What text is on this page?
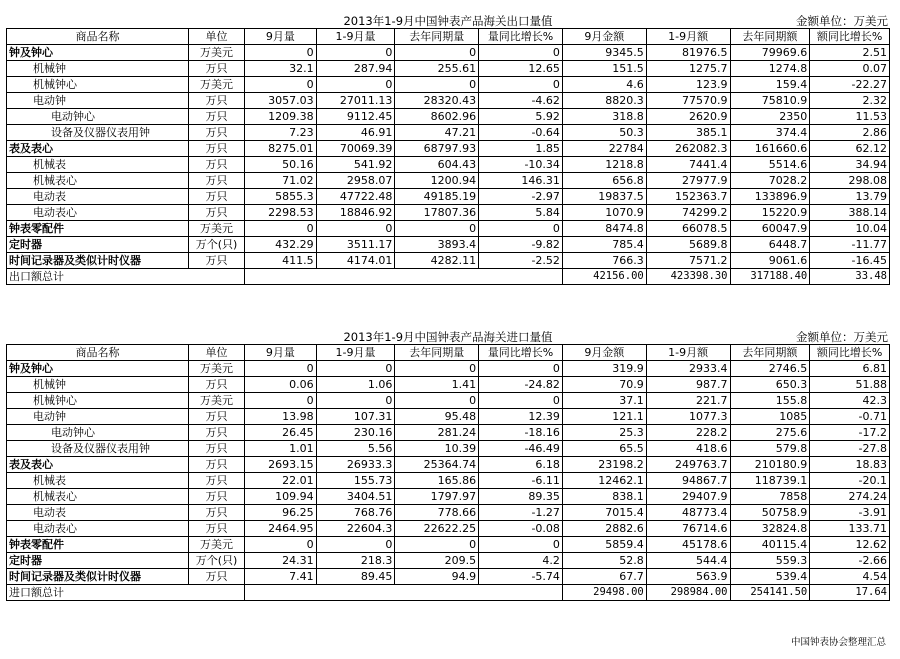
2013年1-9月中国钟表产品海关出口量值	金额单位：万美元
商品名称	单位	9月量	1-9月量	去年同期量	量同比增长%	9月金额	1-9月额	去年同期额	额同比增长%
钟及钟心	万美元	0	0	0	0	9345.5	81976.5	79969.6	2.51
机械钟	万只	32.1	287.94	255.61	12.65	151.5	1275.7	1274.8	0.07
机械钟心	万美元	0	0	0	0	4.6	123.9	159.4	-22.27
电动钟	万只	3057.03	27011.13	28320.43	-4.62	8820.3	77570.9	75810.9	2.32
电动钟心	万只	1209.38	9112.45	8602.96	5.92	318.8	2620.9	2350	11.53
设备及仪器仪表用钟	万只	7.23	46.91	47.21	-0.64	50.3	385.1	374.4	2.86
表及表心	万只	8275.01	70069.39	68797.93	1.85	22784	262082.3	161660.6	62.12
机械表	万只	50.16	541.92	604.43	-10.34	1218.8	7441.4	5514.6	34.94
机械表心	万只	71.02	2958.07	1200.94	146.31	656.8	27977.9	7028.2	298.08
电动表	万只	5855.3	47722.48	49185.19	-2.97	19837.5	152363.7	133896.9	13.79
电动表心	万只	2298.53	18846.92	17807.36	5.84	1070.9	74299.2	15220.9	388.14
钟表零配件	万美元	0	0	0	0	8474.8	66078.5	60047.9	10.04
定时器	万个(只)	432.29	3511.17	3893.4	-9.82	785.4	5689.8	6448.7	-11.77
时间记录器及类似计时仪器	万只	411.5	4174.01	4282.11	-2.52	766.3	7571.2	9061.6	-16.45
出口额总计						42156.00	423398.30	317188.40	33.48
2013年1-9月中国钟表产品海关进口量值	金额单位：万美元
商品名称	单位	9月量	1-9月量	去年同期量	量同比增长%	9月金额	1-9月额	去年同期额	额同比增长%
钟及钟心	万美元	0	0	0	0	319.9	2933.4	2746.5	6.81
机械钟	万只	0.06	1.06	1.41	-24.82	70.9	987.7	650.3	51.88
机械钟心	万美元	0	0	0	0	37.1	221.7	155.8	42.3
电动钟	万只	13.98	107.31	95.48	12.39	121.1	1077.3	1085	-0.71
电动钟心	万只	26.45	230.16	281.24	-18.16	25.3	228.2	275.6	-17.2
设备及仪器仪表用钟	万只	1.01	5.56	10.39	-46.49	65.5	418.6	579.8	-27.8
表及表心	万只	2693.15	26933.3	25364.74	6.18	23198.2	249763.7	210180.9	18.83
机械表	万只	22.01	155.73	165.86	-6.11	12462.1	94867.7	118739.1	-20.1
机械表心	万只	109.94	3404.51	1797.97	89.35	838.1	29407.9	7858	274.24
电动表	万只	96.25	768.76	778.66	-1.27	7015.4	48773.4	50758.9	-3.91
电动表心	万只	2464.95	22604.3	22622.25	-0.08	2882.6	76714.6	32824.8	133.71
钟表零配件	万美元	0	0	0	0	5859.4	45178.6	40115.4	12.62
定时器	万个(只)	24.31	218.3	209.5	4.2	52.8	544.4	559.3	-2.66
时间记录器及类似计时仪器	万只	7.41	89.45	94.9	-5.74	67.7	563.9	539.4	4.54
进口额总计						29498.00	298984.00	254141.50	17.64
中国钟表协会整理汇总
